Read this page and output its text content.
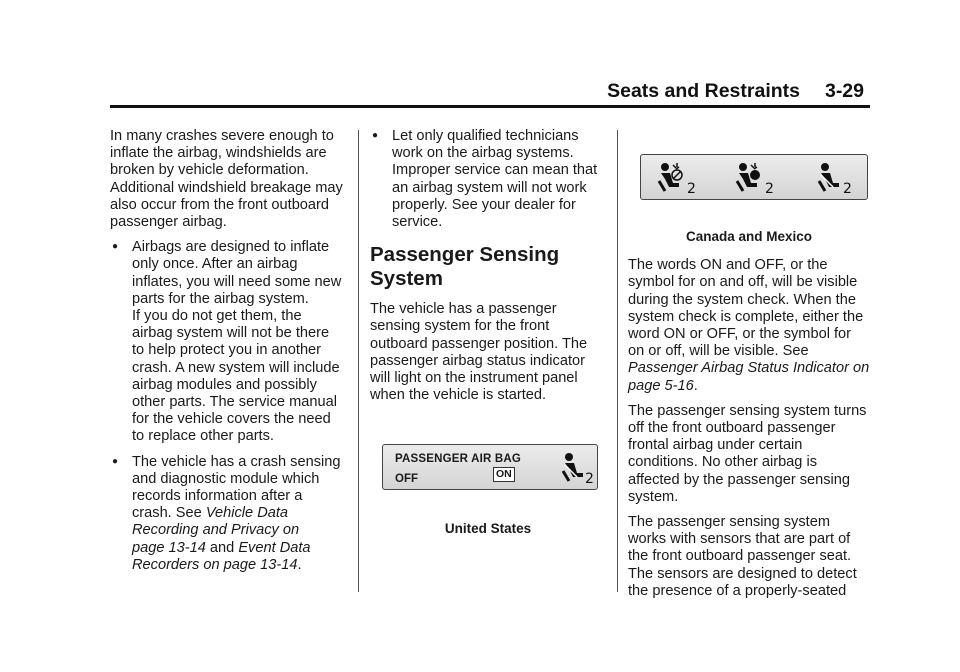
Seats and Restraints 3-29

In many crashes severe enough to inflate the airbag, windshields are broken by vehicle deformation. Additional windshield breakage may also occur from the front outboard passenger airbag.

● Airbags are designed to inflate
only once. After an airbag
inflates, you will need some new
parts for the airbag system.
If you do not get them, the
airbag system will not be there
to help protect you in another
crash. A new system will include
airbag modules and possibly
other parts. The service manual
for the vehicle covers the need
to replace other parts.
● The vehicle has a crash sensing
and diagnostic module which
records information after a
crash. See Vehicle Data
Recording and Privacy on
page 13-14 and Event Data
Recorders on page 13-14.
● Let only qualified technicians
work on the airbag systems.
Improper service can mean that
an airbag system will not work
properly. See your dealer for
service.
Passenger Sensing
System

The vehicle has a passenger sensing system for the front outboard passenger position. The passenger airbag status indicator will light on the instrument panel when the vehicle is started.

PASSENGER AIR BAG
OFF	ON	2
United States
2	2	2
Canada and Mexico

The words ON and OFF, or the symbol for on and off, will be visible during the system check. When the system check is complete, either the word ON or OFF, or the symbol for on or off, will be visible. See Passenger Airbag Status Indicator on page 5-16.

The passenger sensing system turns off the front outboard passenger frontal airbag under certain conditions. No other airbag is affected by the passenger sensing system.

The passenger sensing system works with sensors that are part of the front outboard passenger seat. The sensors are designed to detect the presence of a properly-seated
